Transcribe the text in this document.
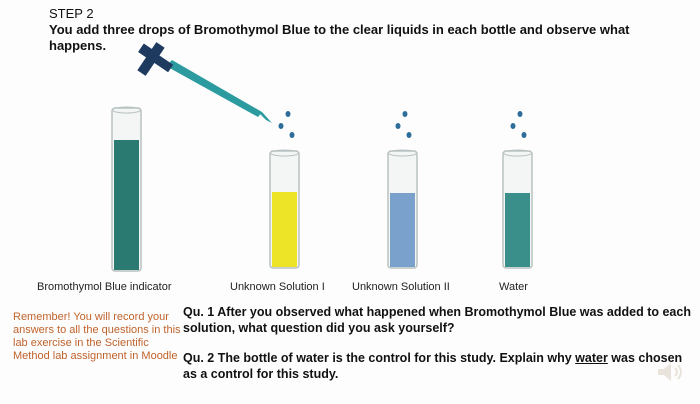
STEP 2
You add three drops of Bromothymol Blue to the clear liquids in each bottle and observe what happens.
Bromothymol Blue indicator	Unknown Solution I Unknown Solution II	Water
Remember! You will record your answers to all the questions in this lab exercise in the Scientific Method lab assignment in Moodle
Qu. 1 After you observed what happened when Bromothymol Blue was added to each solution, what question did you ask yourself?
Qu. 2 The bottle of water is the control for this study. Explain why water was chosen as a control for this study.
